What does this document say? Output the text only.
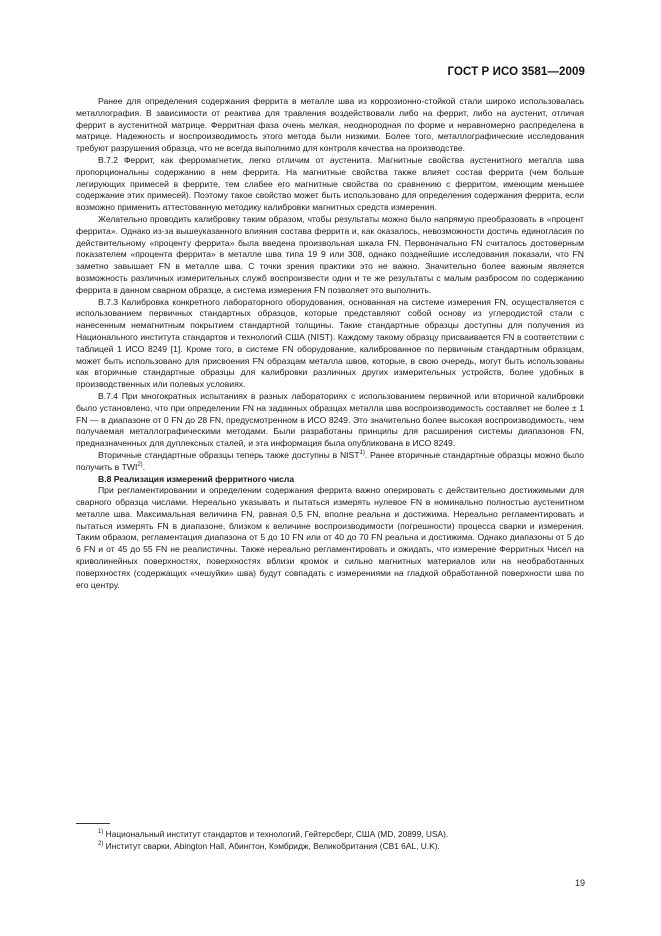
ГОСТ Р ИСО 3581—2009

Ранее для определения содержания феррита в металле шва из коррозионно-стойкой стали широко использовалась металлография. В зависимости от реактива для травления воздействовали либо на феррит, либо на аустенит, отличая феррит в аустенитной матрице. Ферритная фаза очень мелкая, неоднородная по форме и неравномерно распределена в матрице. Надежность и воспроизводимость этого метода были низкими. Более того, металлографические исследования требуют разрушения образца, что не всегда выполнимо для контроля качества на производстве.

В.7.2 Феррит, как ферромагнетик, легко отличим от аустенита. Магнитные свойства аустенитного металла шва пропорциональны содержанию в нем феррита. На магнитные свойства также влияет состав феррита (чем больше легирующих примесей в феррите, тем слабее его магнитные свойства по сравнению с ферритом, имеющим меньшее содержание этих примесей). Поэтому такое свойство может быть использовано для определения содержания феррита, если возможно применить аттестованную методику калибровки магнитных средств измерения.

Желательно проводить калибровку таким образом, чтобы результаты можно было напрямую преобразовать в «процент феррита». Однако из-за вышеуказанного влияния состава феррита и, как оказалось, невозможности достичь единогласия по действительному «проценту феррита» была введена произвольная шкала FN. Первоначально FN считалось достоверным показателем «процента феррита» в металле шва типа 19 9 или 308, однако позднейшие исследования показали, что FN заметно завышает FN в металле шва. С точки зрения практики это не важно. Значительно более важным является возможность различных измерительных служб воспроизвести одни и те же результаты с малым разбросом по содержанию феррита в данном сварном образце, а система измерения FN позволяет это выполнить.

В.7.3 Калибровка конкретного лабораторного оборудования, основанная на системе измерения FN, осуществляется с использованием первичных стандартных образцов, которые представляют собой основу из углеродистой стали с нанесенным немагнитным покрытием стандартной толщины. Такие стандартные образцы доступны для получения из Национального института стандартов и технологий США (NIST). Каждому такому образцу присваивается FN в соответствии с таблицей 1 ИСО 8249 [1]. Кроме того, в системе FN оборудование, калиброванное по первичным стандартным образцам, может быть использовано для присвоения FN образцам металла швов, которые, в свою очередь, могут быть использованы как вторичные стандартные образцы для калибровки различных других измерительных устройств, более удобных в производственных или полевых условиях.

В.7.4 При многократных испытаниях в разных лабораториях с использованием первичной или вторичной калибровки было установлено, что при определении FN на заданных образцах металла шва воспроизводимость составляет не более ± 1 FN — в диапазоне от 0 FN до 28 FN, предусмотренном в ИСО 8249. Это значительно более высокая воспроизводимость, чем получаемая металлографическими методами. Были разработаны принципы для расширения системы диапазонов FN, предназначенных для дуплексных сталей, и эта информация была опубликована в ИСО 8249.

Вторичные стандартные образцы теперь также доступны в NIST$^{1)}$. Ранее вторичные стандартные образцы можно было получить в TWI$^{2)}$.

В.8 Реализация измерений ферритного числа

При регламентировании и определении содержания феррита важно оперировать с действительно достижимыми для сварного образца числами. Нереально указывать и пытаться измерять нулевое FN в номинально полностью аустенитном металле шва. Максимальная величина FN, равная 0,5 FN, вполне реальна и достижима. Нереально регламентировать и пытаться измерять FN в диапазоне, близком к величине воспроизводимости (погрешности) процесса сварки и измерения. Таким образом, регламентация диапазона от 5 до 10 FN или от 40 до 70 FN реальна и достижима. Однако диапазоны от 5 до 6 FN и от 45 до 55 FN не реалистичны. Также нереально регламентировать и ожидать, что измерение Ферритных Чисел на криволинейных поверхностях, поверхностях вблизи кромок и сильно магнитных материалов или на необработанных поверхностях (содержащих «чешуйки» шва) будут совпадать с измерениями на гладкой обработанной поверхности шва по его центру.

$^{1)}$ Национальный институт стандартов и технологий, Гейтерсберг, США (MD, 20899, USA).

$^{2)}$ Институт сварки, Abington Hall, Абингтон, Кэмбридж, Великобритания (CB1 6AL, U.K).

19
